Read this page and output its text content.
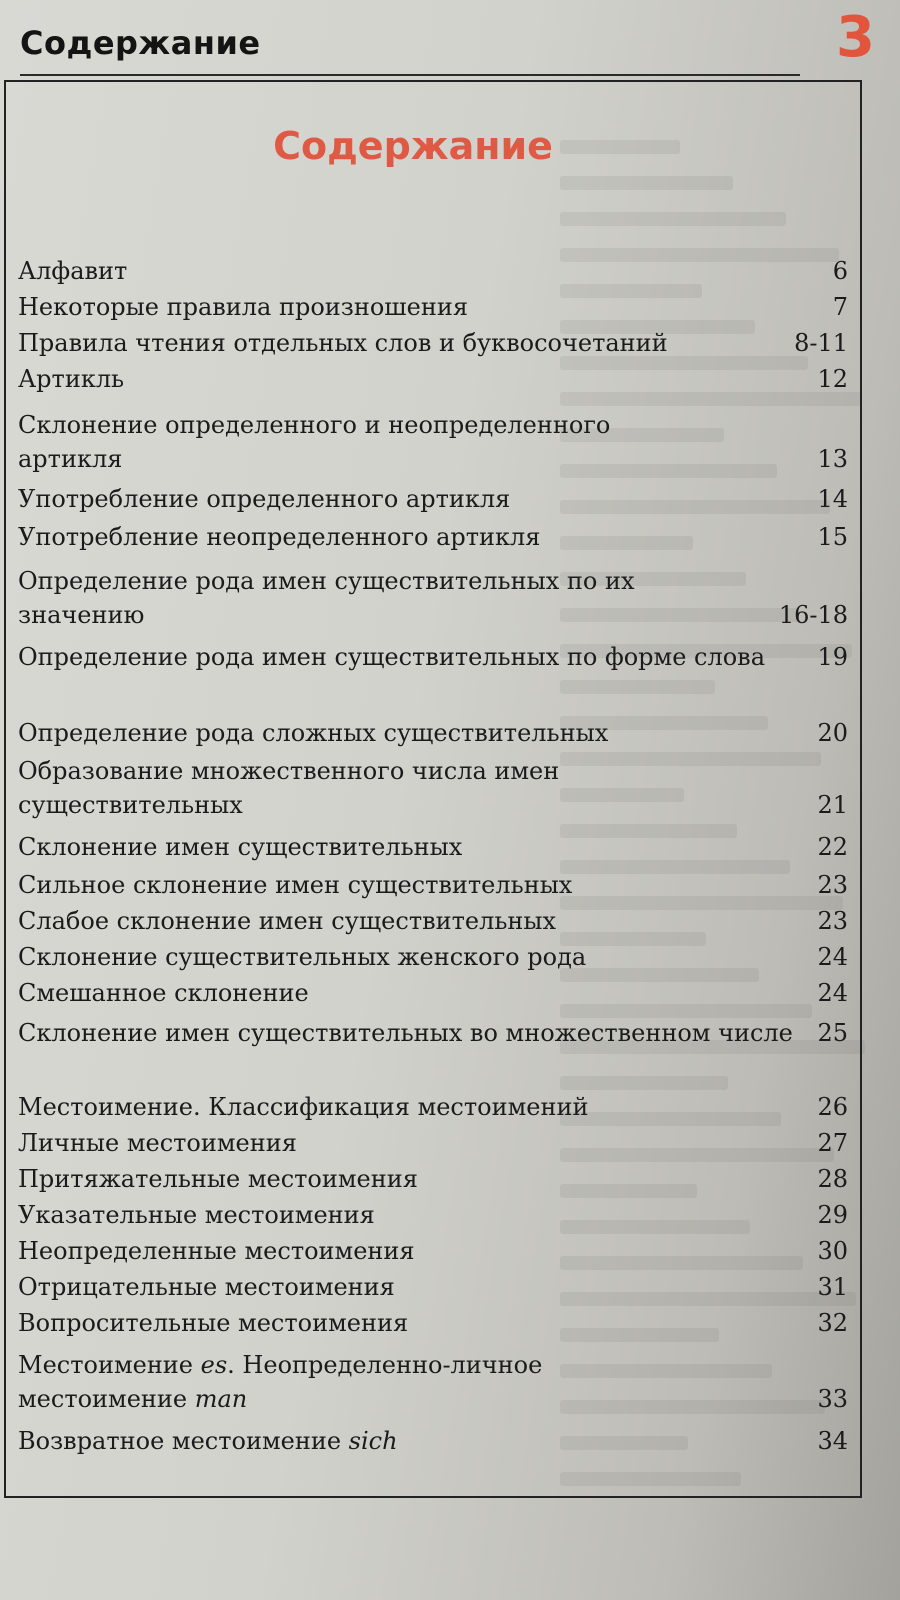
Содержание	3
Содержание
Алфавит	6
Некоторые правила произношения	7
Правила чтения отдельных слов и буквосочетаний	8-11
Артикль	12
Склонение определенного и неопределенного артикля	13
Употребление определенного артикля	14
Употребление неопределенного артикля	15
Определение рода имен существительных по их значению	16-18
Определение рода имен существительных по форме слова	19
Определение рода сложных существительных	20
Образование множественного числа имен существительных	21
Склонение имен существительных	22
Сильное склонение имен существительных	23
Слабое склонение имен существительных	23
Склонение существительных женского рода	24
Смешанное склонение	24
Склонение имен существительных во множественном числе	25
Местоимение. Классификация местоимений	26
Личные местоимения	27
Притяжательные местоимения	28
Указательные местоимения	29
Неопределенные местоимения	30
Отрицательные местоимения	31
Вопросительные местоимения	32
Местоимение es. Неопределенно-личное местоимение man	33
Возвратное местоимение sich	34
